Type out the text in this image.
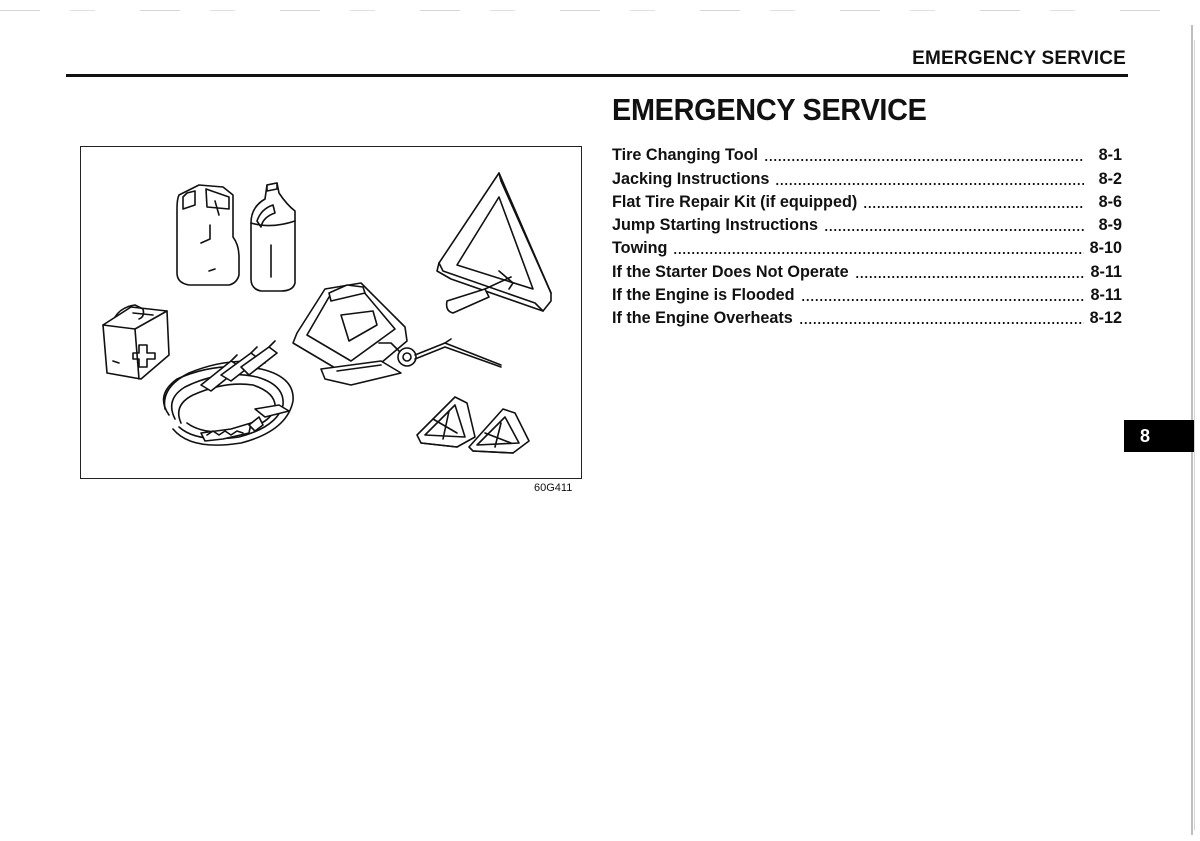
EMERGENCY SERVICE
EMERGENCY SERVICE
Tire Changing Tool	8-1
Jacking Instructions	8-2
Flat Tire Repair Kit (if equipped)	8-6
Jump Starting Instructions	8-9
Towing	8-10
If the Starter Does Not Operate	8-11
If the Engine is Flooded	8-11
If the Engine Overheats	8-12
60G411
8
